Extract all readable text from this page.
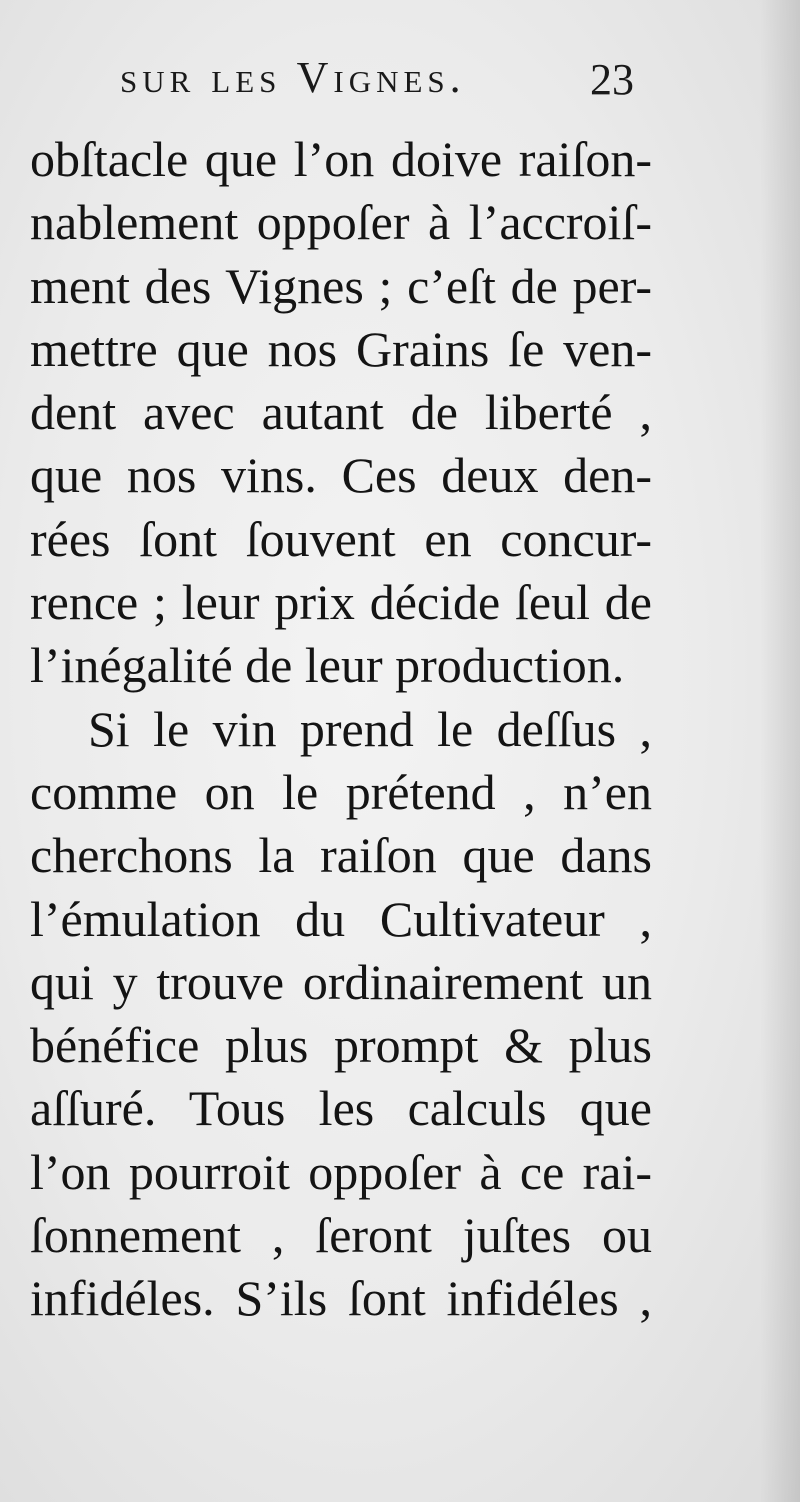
sur les Vignes.	23
obſtacle que l’on doive raiſon-
nablement oppoſer à l’accroiſ-
ment des Vignes ; c’eſt de per-
mettre que nos Grains ſe ven-
dent avec autant de liberté ,
que nos vins. Ces deux den-
rées ſont ſouvent en concur-
rence ; leur prix décide ſeul de
l’inégalité de leur production.
Si le vin prend le deſſus ,
comme on le prétend , n’en
cherchons la raiſon que dans
l’émulation du Cultivateur ,
qui y trouve ordinairement un
bénéfice plus prompt & plus
aſſuré. Tous les calculs que
l’on pourroit oppoſer à ce rai-
ſonnement , ſeront juſtes ou
infidéles. S’ils ſont infidéles ,
